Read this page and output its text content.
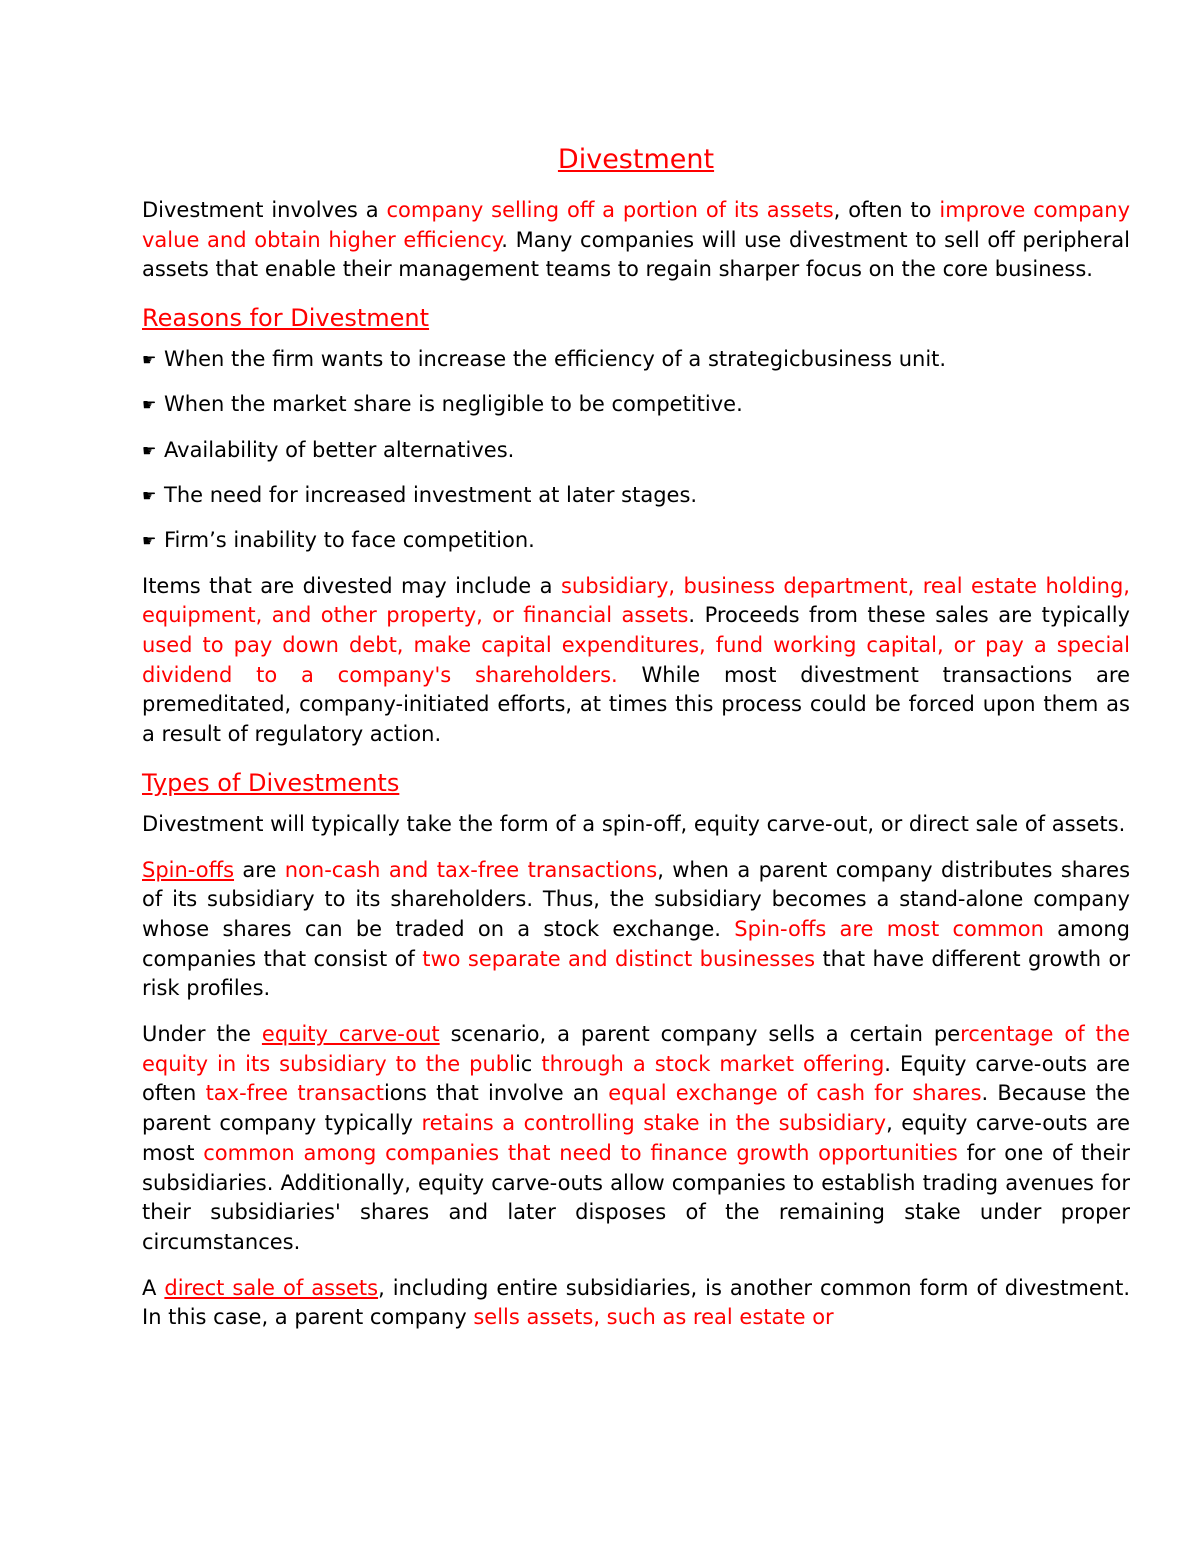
Divestment

Divestment involves a company selling off a portion of its assets, often to improve company value and obtain higher efficiency. Many companies will use divestment to sell off peripheral assets that enable their management teams to regain sharper focus on the core business.

Reasons for Divestment
☛ When the firm wants to increase the efficiency of a strategicbusiness unit.
☛ When the market share is negligible to be competitive.
☛ Availability of better alternatives.
☛ The need for increased investment at later stages.
☛ Firm’s inability to face competition.

Items that are divested may include a subsidiary, business department, real estate holding, equipment, and other property, or financial assets. Proceeds from these sales are typically used to pay down debt, make capital expenditures, fund working capital, or pay a special dividend to a company's shareholders. While most divestment transactions are premeditated, company-initiated efforts, at times this process could be forced upon them as a result of regulatory action.

Types of Divestments

Divestment will typically take the form of a spin-off, equity carve-out, or direct sale of assets.

Spin-offs are non-cash and tax-free transactions, when a parent company distributes shares of its subsidiary to its shareholders. Thus, the subsidiary becomes a stand-alone company whose shares can be traded on a stock exchange. Spin-offs are most common among companies that consist of two separate and distinct businesses that have different growth or risk profiles.

Under the equity carve-out scenario, a parent company sells a certain percentage of the equity in its subsidiary to the public through a stock market offering. Equity carve-outs are often tax-free transactions that involve an equal exchange of cash for shares. Because the parent company typically retains a controlling stake in the subsidiary, equity carve-outs are most common among companies that need to finance growth opportunities for one of their subsidiaries. Additionally, equity carve-outs allow companies to establish trading avenues for their subsidiaries' shares and later disposes of the remaining stake under proper circumstances.

A direct sale of assets, including entire subsidiaries, is another common form of divestment. In this case, a parent company sells assets, such as real estate or
